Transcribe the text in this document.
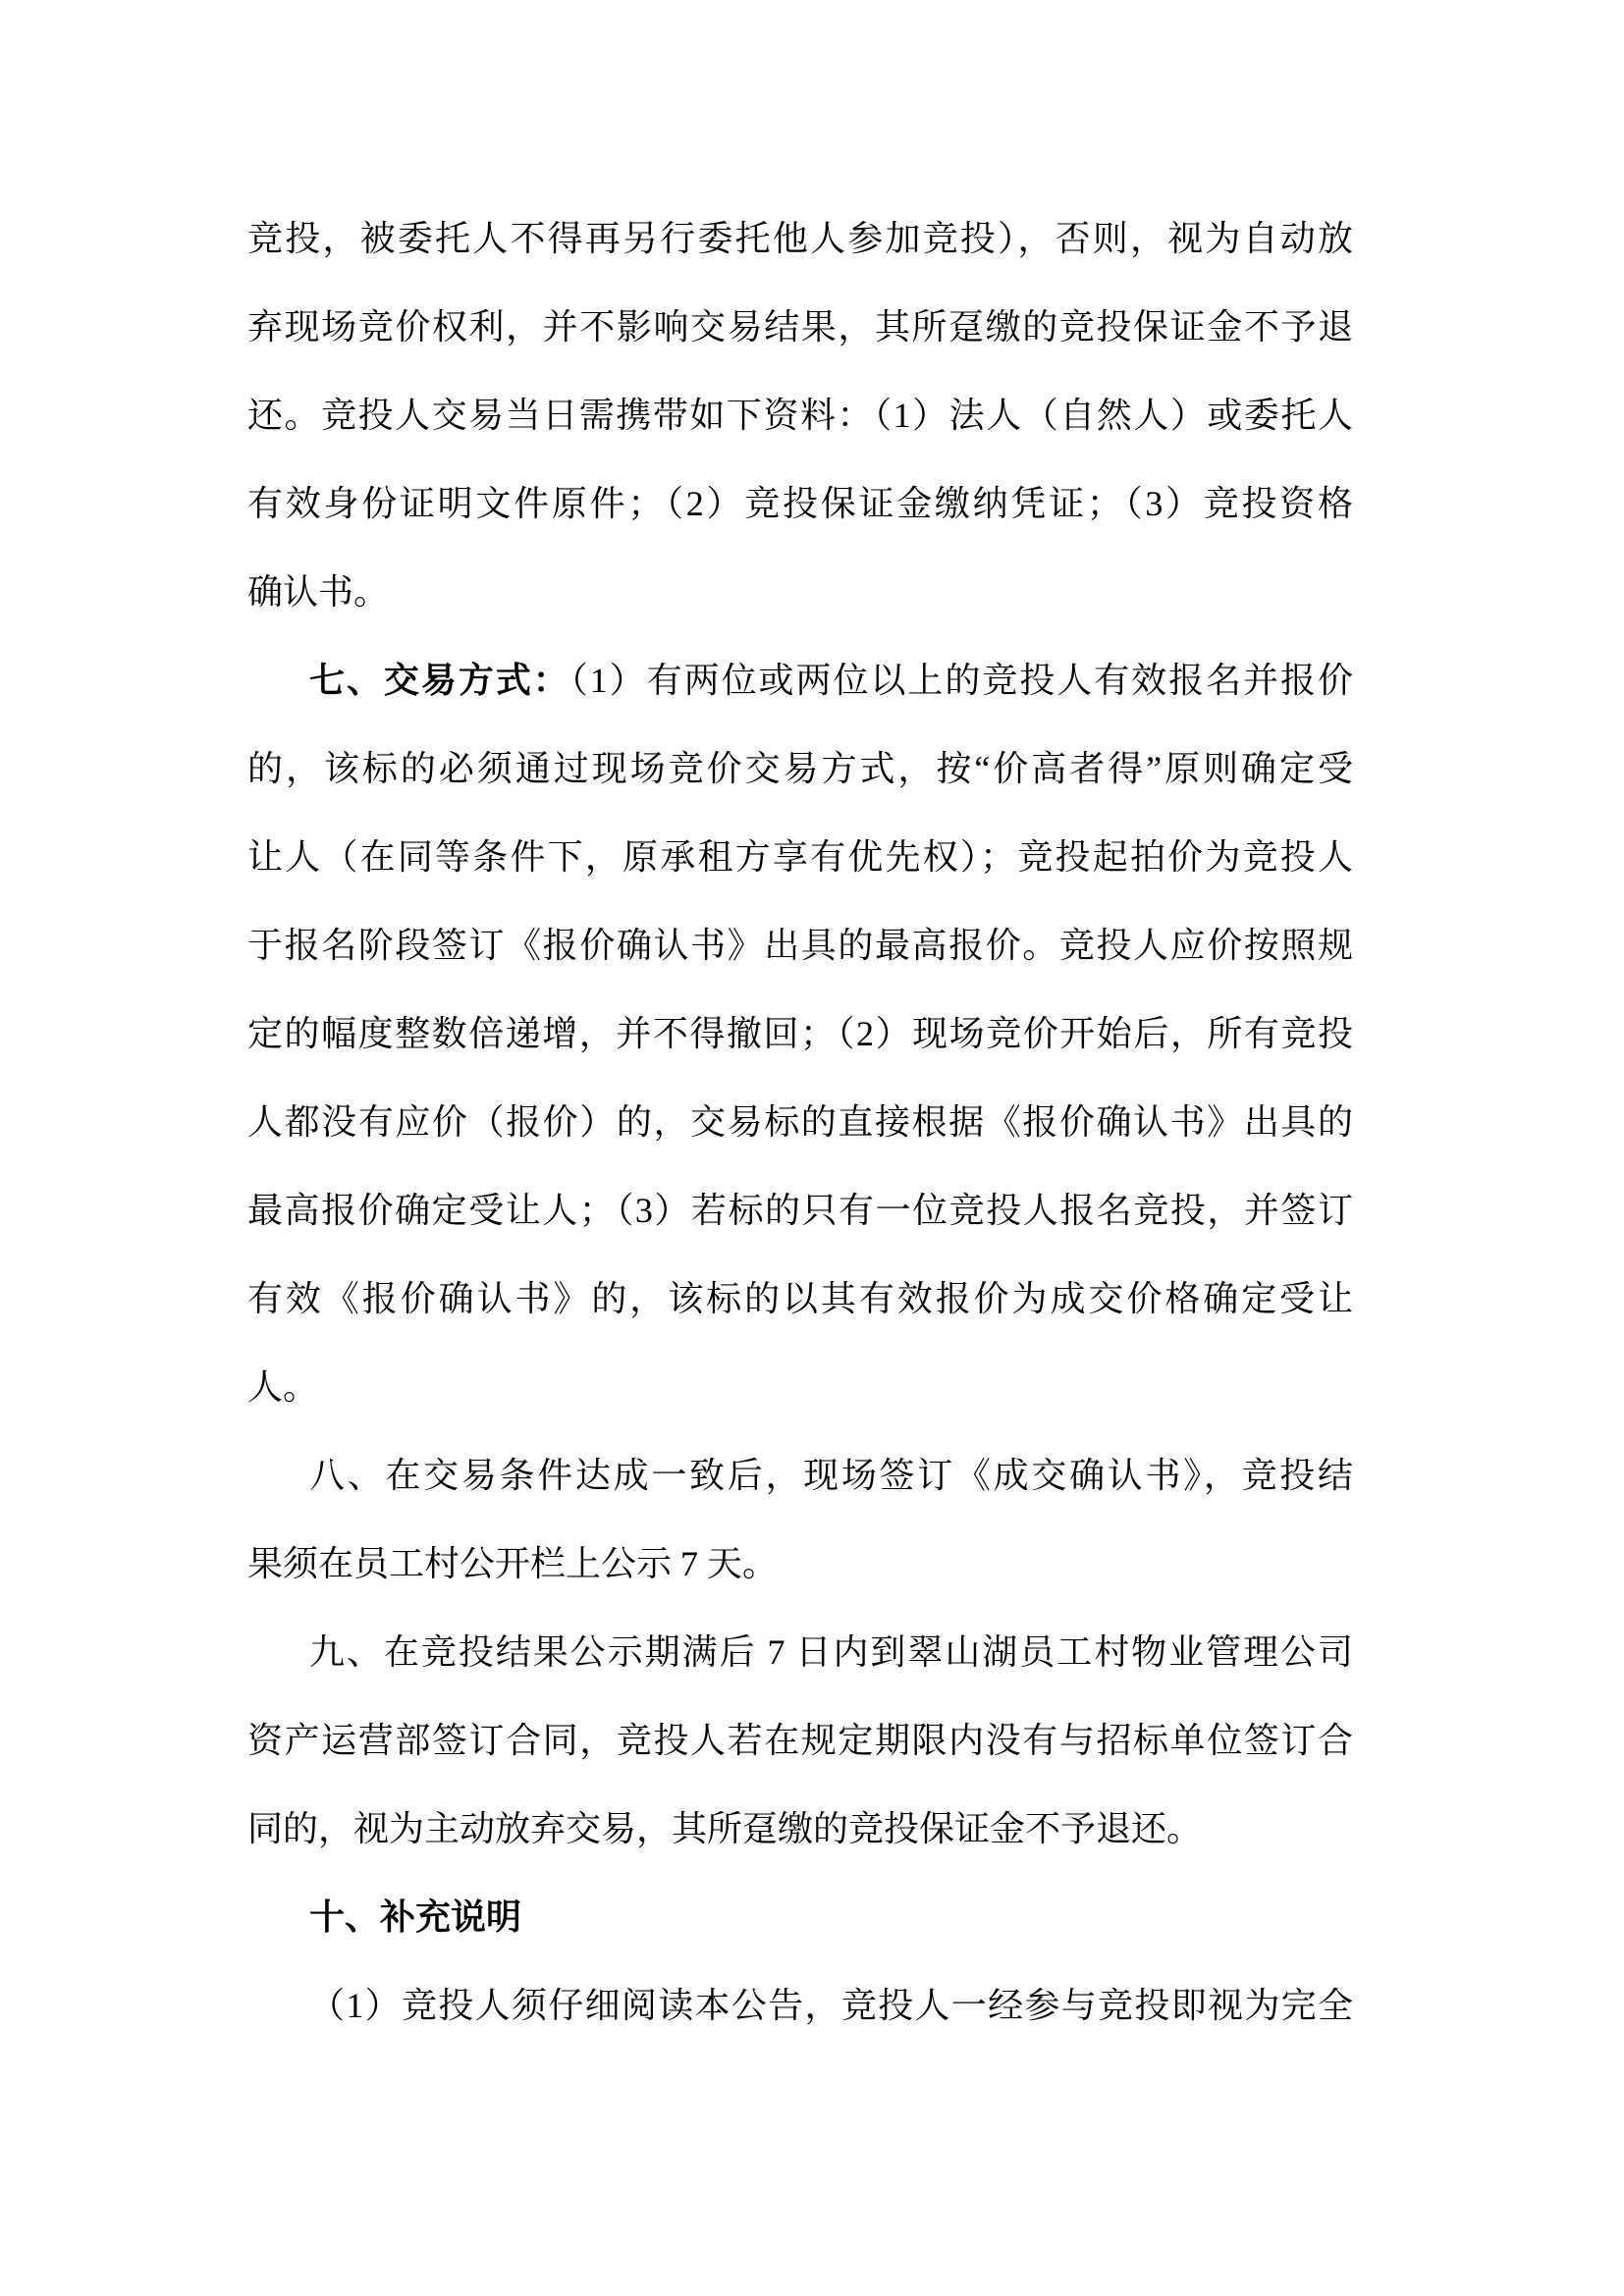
竞投，被委托人不得再另行委托他人参加竞投），否则，视为自动放
弃现场竞价权利，并不影响交易结果，其所趸缴的竞投保证金不予退
还。竞投人交易当日需携带如下资料：（1）法人（自然人）或委托人
有效身份证明文件原件；（2）竞投保证金缴纳凭证；（3）竞投资格
确认书。
七、交易方式：（1）有两位或两位以上的竞投人有效报名并报价
的，该标的必须通过现场竞价交易方式，按“价高者得”原则确定受
让人（在同等条件下，原承租方享有优先权）；竞投起拍价为竞投人
于报名阶段签订《报价确认书》出具的最高报价。竞投人应价按照规
定的幅度整数倍递增，并不得撤回；（2）现场竞价开始后，所有竞投
人都没有应价（报价）的，交易标的直接根据《报价确认书》出具的
最高报价确定受让人；（3）若标的只有一位竞投人报名竞投，并签订
有效《报价确认书》的，该标的以其有效报价为成交价格确定受让
人。
八、在交易条件达成一致后，现场签订《成交确认书》，竞投结
果须在员工村公开栏上公示 7 天。
九、在竞投结果公示期满后 7 日内到翠山湖员工村物业管理公司
资产运营部签订合同，竞投人若在规定期限内没有与招标单位签订合
同的，视为主动放弃交易，其所趸缴的竞投保证金不予退还。
十、补充说明
（1）竞投人须仔细阅读本公告，竞投人一经参与竞投即视为完全
